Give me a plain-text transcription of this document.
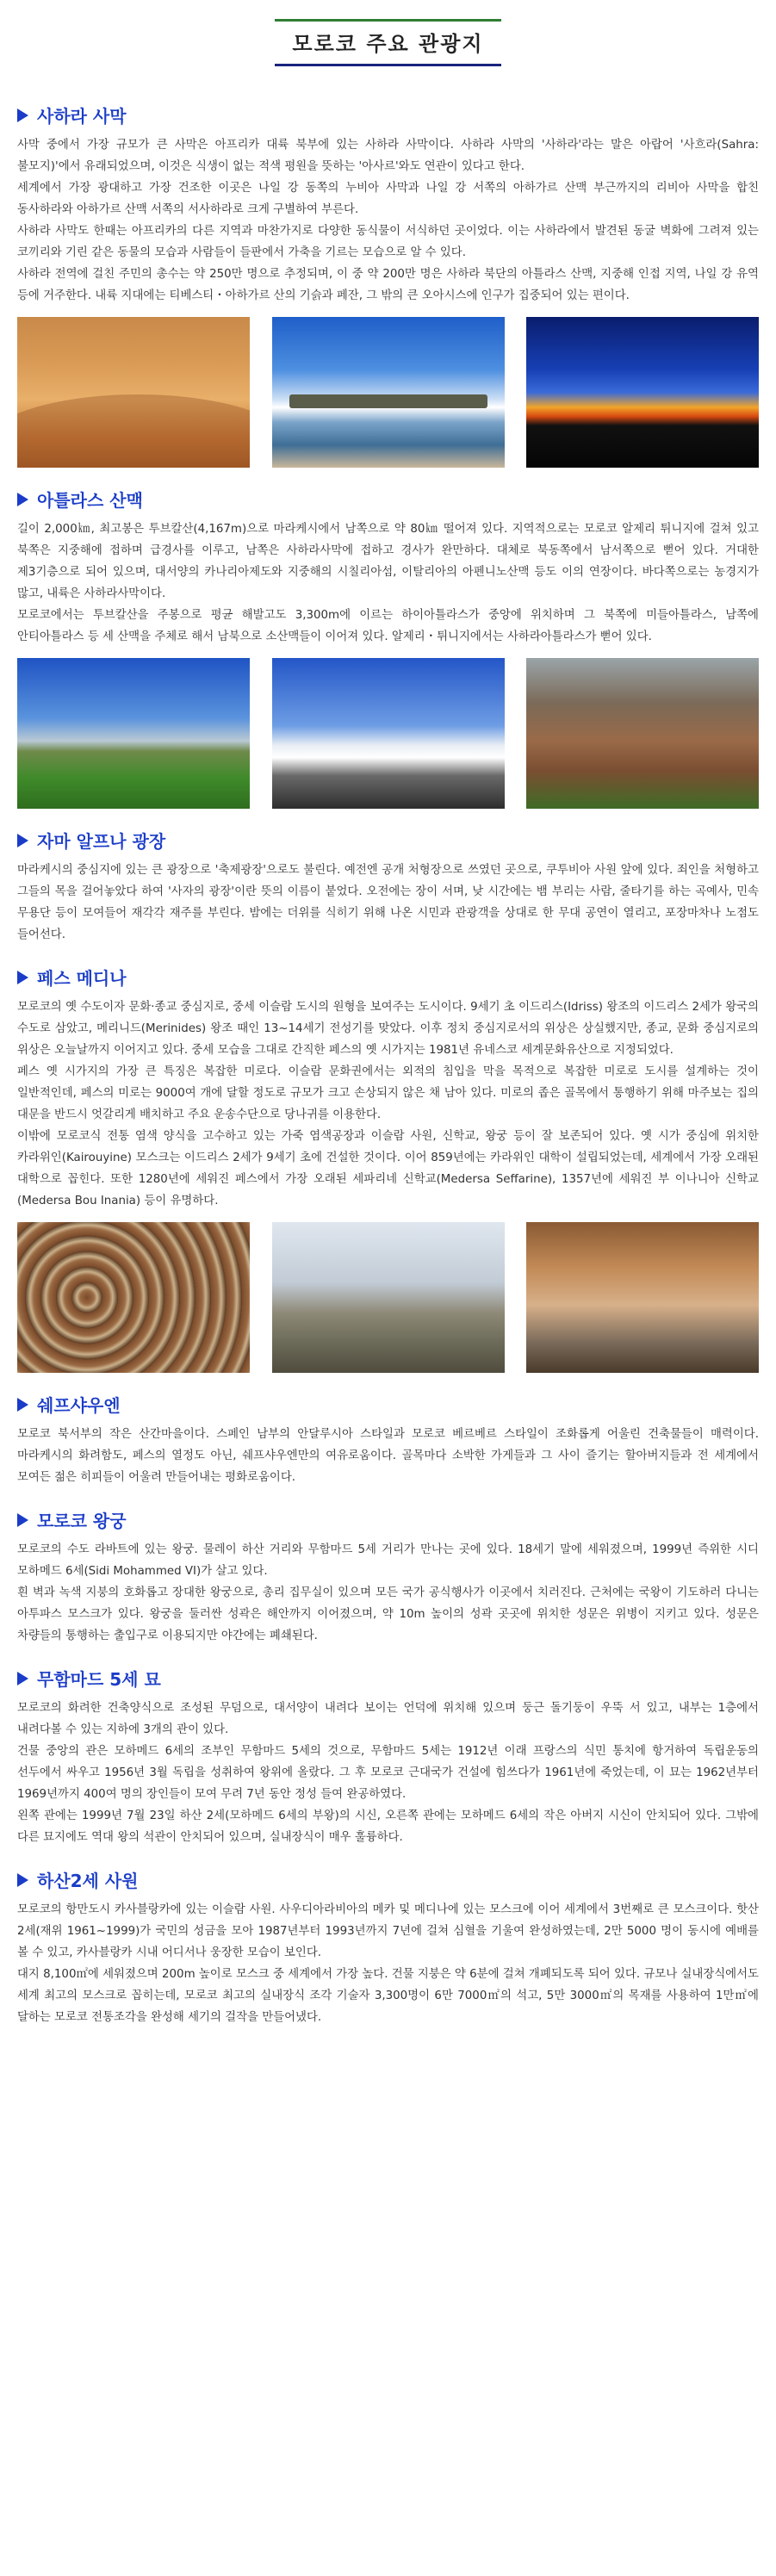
모로코 주요 관광지
사하라 사막

사막 중에서 가장 규모가 큰 사막은 아프리카 대륙 북부에 있는 사하라 사막이다. 사하라 사막의 '사하라'라는 말은 아랍어 '사흐라(Sahra: 불모지)'에서 유래되었으며, 이것은 식생이 없는 적색 평원을 뜻하는 '아사르'와도 연관이 있다고 한다.

세계에서 가장 광대하고 가장 건조한 이곳은 나일 강 동쪽의 누비아 사막과 나일 강 서쪽의 아하가르 산맥 부근까지의 리비아 사막을 합친 동사하라와 아하가르 산맥 서쪽의 서사하라로 크게 구별하여 부른다.

사하라 사막도 한때는 아프리카의 다른 지역과 마찬가지로 다양한 동식물이 서식하던 곳이었다. 이는 사하라에서 발견된 동굴 벽화에 그려져 있는 코끼리와 기린 같은 동물의 모습과 사람들이 들판에서 가축을 기르는 모습으로 알 수 있다.

사하라 전역에 걸친 주민의 총수는 약 250만 명으로 추정되며, 이 중 약 200만 명은 사하라 북단의 아틀라스 산맥, 지중해 인접 지역, 나일 강 유역 등에 거주한다. 내륙 지대에는 티베스티・아하가르 산의 기슭과 페잔, 그 밖의 큰 오아시스에 인구가 집중되어 있는 편이다.

아틀라스 산맥

길이 2,000㎞, 최고봉은 투브칼산(4,167m)으로 마라케시에서 남쪽으로 약 80㎞ 떨어져 있다. 지역적으로는 모로코 알제리 튀니지에 걸쳐 있고 북쪽은 지중해에 접하며 급경사를 이루고, 남쪽은 사하라사막에 접하고 경사가 완만하다. 대체로 북동쪽에서 남서쪽으로 뻗어 있다. 거대한 제3기층으로 되어 있으며, 대서양의 카나리아제도와 지중해의 시칠리아섬, 이탈리아의 아펜니노산맥 등도 이의 연장이다. 바다쪽으로는 농경지가 많고, 내륙은 사하라사막이다.

모로코에서는 투브칼산을 주봉으로 평균 해발고도 3,300m에 이르는 하이아틀라스가 중앙에 위치하며 그 북쪽에 미들아틀라스, 남쪽에 안티아틀라스 등 세 산맥을 주체로 해서 남북으로 소산맥들이 이어져 있다. 알제리・튀니지에서는 사하라아틀라스가 뻗어 있다.

자마 알프나 광장

마라케시의 중심지에 있는 큰 광장으로 '축제광장'으로도 불린다. 예전엔 공개 처형장으로 쓰였던 곳으로, 쿠투비아 사원 앞에 있다. 죄인을 처형하고 그들의 목을 걸어놓았다 하여 '사자의 광장'이란 뜻의 이름이 붙었다. 오전에는 장이 서며, 낮 시간에는 뱀 부리는 사람, 줄타기를 하는 곡예사, 민속 무용단 등이 모여들어 재각각 재주를 부린다. 밤에는 더위를 식히기 위해 나온 시민과 관광객을 상대로 한 무대 공연이 열리고, 포장마차나 노점도 들어선다.

페스 메디나

모로코의 옛 수도이자 문화·종교 중심지로, 중세 이슬람 도시의 원형을 보여주는 도시이다. 9세기 초 이드리스(Idriss) 왕조의 이드리스 2세가 왕국의 수도로 삼았고, 메리니드(Merinides) 왕조 때인 13~14세기 전성기를 맞았다. 이후 정치 중심지로서의 위상은 상실했지만, 종교, 문화 중심지로의 위상은 오늘날까지 이어지고 있다. 중세 모습을 그대로 간직한 페스의 옛 시가지는 1981년 유네스코 세계문화유산으로 지정되었다.

페스 옛 시가지의 가장 큰 특징은 복잡한 미로다. 이슬람 문화권에서는 외적의 침입을 막을 목적으로 복잡한 미로로 도시를 설계하는 것이 일반적인데, 페스의 미로는 9000여 개에 달할 정도로 규모가 크고 손상되지 않은 채 남아 있다. 미로의 좁은 골목에서 통행하기 위해 마주보는 집의 대문을 반드시 엇갈리게 배치하고 주요 운송수단으로 당나귀를 이용한다.

이밖에 모로코식 전통 염색 양식을 고수하고 있는 가죽 염색공장과 이슬람 사원, 신학교, 왕궁 등이 잘 보존되어 있다. 옛 시가 중심에 위치한 카라위인(Kairouyine) 모스크는 이드리스 2세가 9세기 초에 건설한 것이다. 이어 859년에는 카라위인 대학이 설립되었는데, 세계에서 가장 오래된 대학으로 꼽힌다. 또한 1280년에 세워진 페스에서 가장 오래된 세파리네 신학교(Medersa Seffarine), 1357년에 세워진 부 이나니아 신학교(Medersa Bou Inania) 등이 유명하다.

쉐프샤우엔

모로코 북서부의 작은 산간마을이다. 스페인 남부의 안달루시아 스타일과 모로코 베르베르 스타일이 조화롭게 어울린 건축물들이 매력이다. 마라케시의 화려함도, 페스의 열정도 아닌, 쉐프샤우엔만의 여유로움이다. 골목마다 소박한 가게들과 그 사이 즐기는 할아버지들과 전 세계에서 모여든 젊은 히피들이 어울려 만들어내는 평화로움이다.

모로코 왕궁

모로코의 수도 라바트에 있는 왕궁. 물레이 하산 거리와 무함마드 5세 거리가 만나는 곳에 있다. 18세기 말에 세워졌으며, 1999년 즉위한 시디 모하메드 6세(Sidi Mohammed VI)가 살고 있다.

흰 벽과 녹색 지붕의 호화롭고 장대한 왕궁으로, 총리 집무실이 있으며 모든 국가 공식행사가 이곳에서 치러진다. 근처에는 국왕이 기도하러 다니는 아투파스 모스크가 있다. 왕궁을 둘러싼 성곽은 해안까지 이어졌으며, 약 10m 높이의 성곽 곳곳에 위치한 성문은 위병이 지키고 있다. 성문은 차량들의 통행하는 출입구로 이용되지만 야간에는 폐쇄된다.

무함마드 5세 묘

모로코의 화려한 건축양식으로 조성된 무덤으로, 대서양이 내려다 보이는 언덕에 위치해 있으며 둥근 돌기둥이 우뚝 서 있고, 내부는 1층에서 내려다볼 수 있는 지하에 3개의 관이 있다.

건물 중앙의 관은 모하메드 6세의 조부인 무함마드 5세의 것으로, 무함마드 5세는 1912년 이래 프랑스의 식민 통치에 항거하여 독립운동의 선두에서 싸우고 1956년 3월 독립을 성취하여 왕위에 올랐다. 그 후 모로코 근대국가 건설에 힘쓰다가 1961년에 죽었는데, 이 묘는 1962년부터 1969년까지 400여 명의 장인들이 모여 무려 7년 동안 정성 들여 완공하였다.

왼쪽 관에는 1999년 7월 23일 하산 2세(모하메드 6세의 부왕)의 시신, 오른쪽 관에는 모하메드 6세의 작은 아버지 시신이 안치되어 있다. 그밖에 다른 묘지에도 역대 왕의 석관이 안치되어 있으며, 실내장식이 매우 훌륭하다.

하산2세 사원

모로코의 항만도시 카사블랑카에 있는 이슬람 사원. 사우디아라비아의 메카 및 메디나에 있는 모스크에 이어 세계에서 3번째로 큰 모스크이다. 핫산 2세(재위 1961~1999)가 국민의 성금을 모아 1987년부터 1993년까지 7년에 걸쳐 심혈을 기울여 완성하였는데, 2만 5000 명이 동시에 예배를 볼 수 있고, 카사블랑카 시내 어디서나 웅장한 모습이 보인다.

대지 8,100㎡에 세워졌으며 200m 높이로 모스크 중 세계에서 가장 높다. 건물 지붕은 약 6분에 걸쳐 개폐되도록 되어 있다. 규모나 실내장식에서도 세계 최고의 모스크로 꼽히는데, 모로코 최고의 실내장식 조각 기술자 3,300명이 6만 7000㎡의 석고, 5만 3000㎡의 목재를 사용하여 1만㎡에 달하는 모로코 전통조각을 완성해 세기의 걸작을 만들어냈다.
